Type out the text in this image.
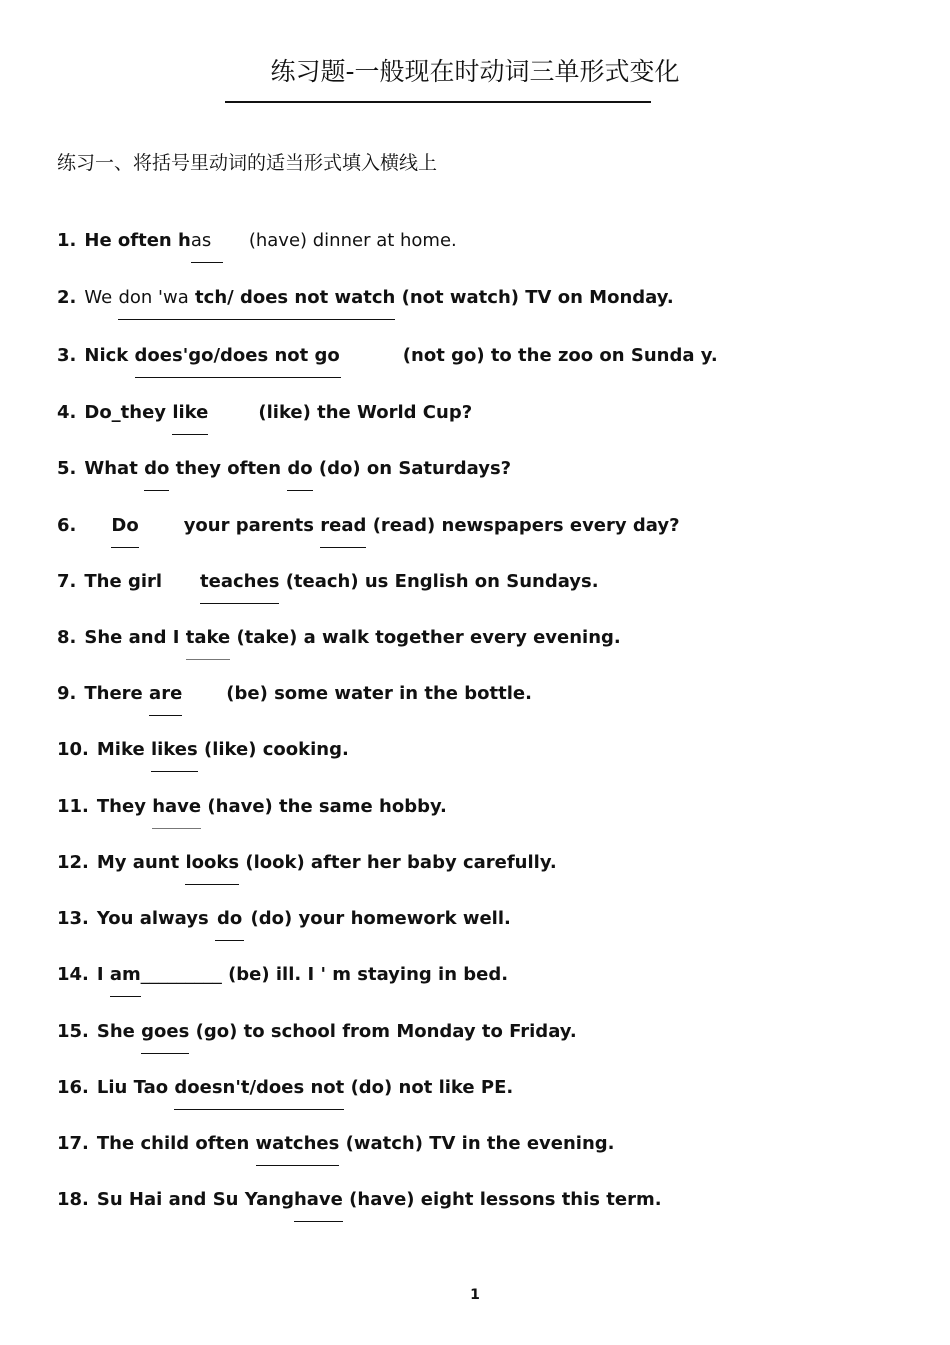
练习题-一般现在时动词三单形式变化
练习一、将括号里动词的适当形式填入横线上
1. He often has (have) dinner at home.
2. We don 'wa tch/ does not watch (not watch) TV on Monday.
3. Nick does'go/does not go	(not go) to the zoo on Sunda y.
4. Do_they like	(like) the World Cup?
5. What do they often do (do) on Saturdays?
6. Do	your parents read (read) newspapers every day?
7. The girl teaches (teach) us English on Sundays.
8. She and I take (take) a walk together every evening.
9. There are (be) some water in the bottle.
10. Mike likes (like) cooking.
11. They have (have) the same hobby.
12. My aunt looks (look) after her baby carefully.
13. You always do (do) your homework well.
14. I am_________ (be) ill. I ' m staying in bed.
15. She goes (go) to school from Monday to Friday.
16. Liu Tao doesn't/does not (do) not like PE.
17. The child often watches (watch) TV in the evening.
18. Su Hai and Su Yanghave (have) eight lessons this term.
1
